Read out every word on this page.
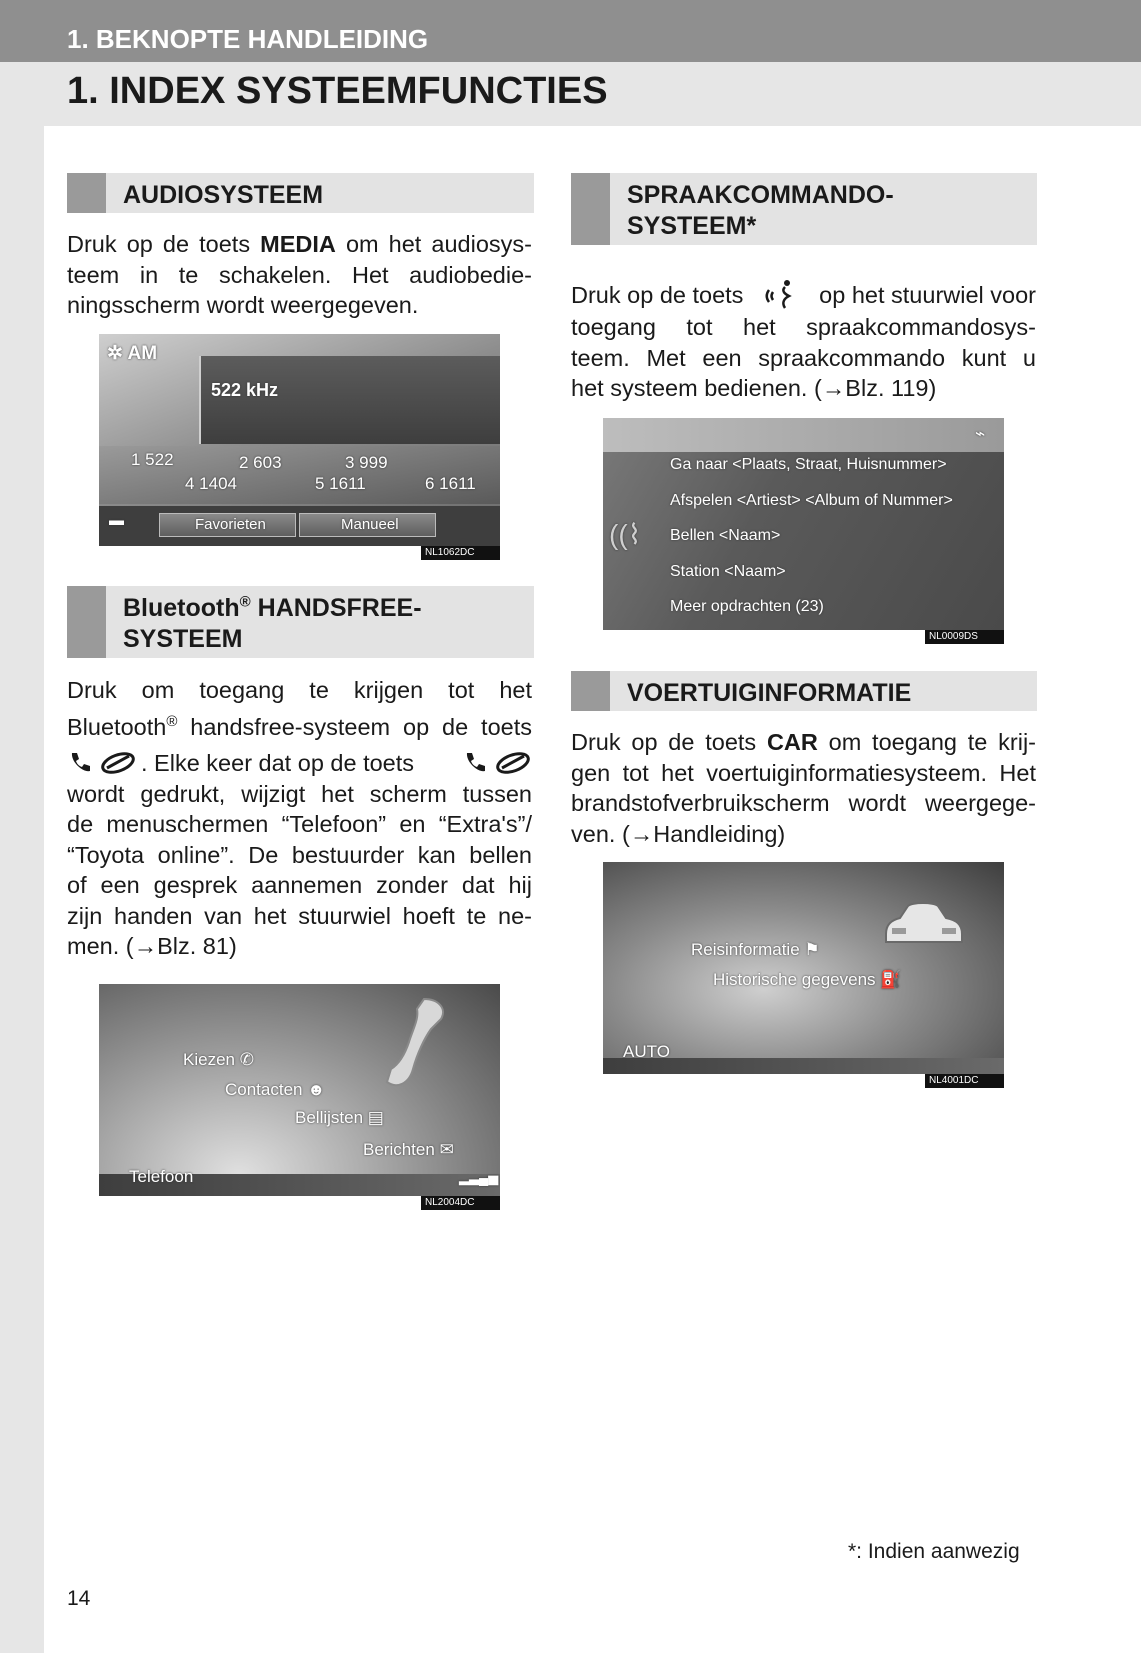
1. BEKNOPTE HANDLEIDING
1. INDEX SYSTEEMFUNCTIES
AUDIOSYSTEEM
Druk op de toets MEDIA om het audiosys-
teem in te schakelen. Het audiobedie-
ningsscherm wordt weergegeven.
✲ AM
522 kHz
1 522	2 603	3 999
4 1404	5 1611	6 1611
▬	Favorieten	Manueel
NL1062DC
Bluetooth® HANDSFREE-
SYSTEEM
Druk om toegang te krijgen tot het
Bluetooth® handsfree-systeem op de toets
. Elke keer dat op de toets
wordt gedrukt, wijzigt het scherm tussen
de menuschermen “Telefoon” en “Extra's”/
“Toyota online”. De bestuurder kan bellen
of een gesprek aannemen zonder dat hij
zijn handen van het stuurwiel hoeft te ne-
men. (→Blz. 81)
Kiezen ✆
Contacten ☻
Bellijsten ▤
Berichten ✉
Telefoon	▂▃▄▅
NL2004DC
SPRAAKCOMMANDO-
SYSTEEM*
Druk op de toets	op het stuurwiel voor
toegang tot het spraakcommandosys-
teem. Met een spraakcommando kunt u
het systeem bedienen. (→Blz. 119)
⌁
((⌇
Ga naar <Plaats, Straat, Huisnummer>
Afspelen <Artiest> <Album of Nummer>
Bellen <Naam>
Station <Naam>
Meer opdrachten (23)
NL0009DS
VOERTUIGINFORMATIE
Druk op de toets CAR om toegang te krij-
gen tot het voertuiginformatiesysteem. Het
brandstofverbruikscherm wordt weergege-
ven. (→Handleiding)
Reisinformatie ⚑
Historische gegevens ⛽
AUTO
NL4001DC
*: Indien aanwezig
14
